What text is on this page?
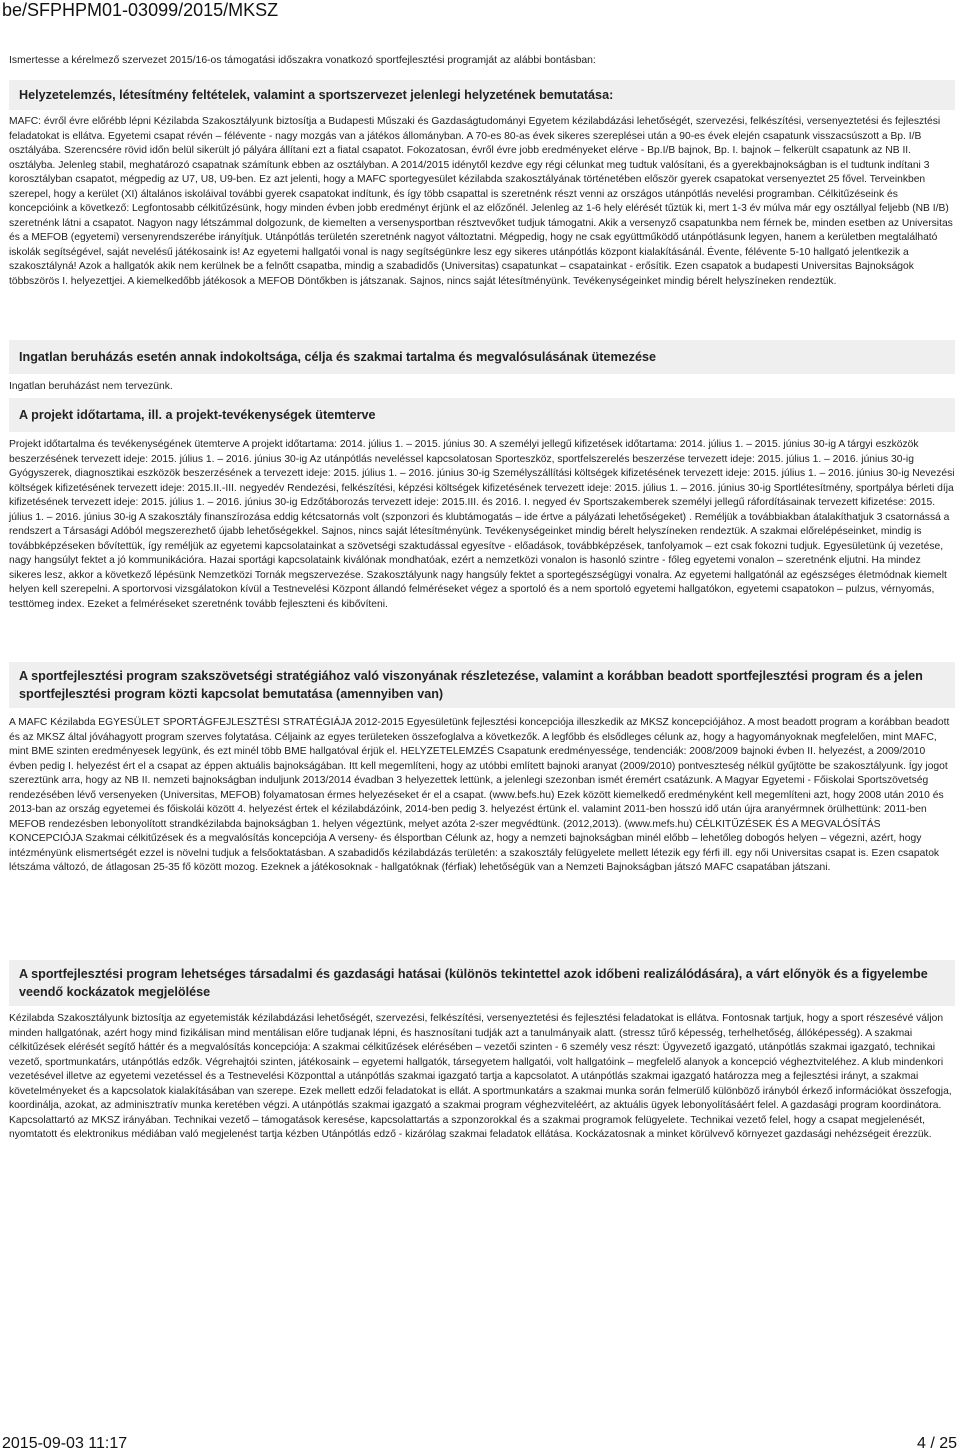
be/SFPHPM01-03099/2015/MKSZ
Ismertesse a kérelmező szervezet 2015/16-os támogatási időszakra vonatkozó sportfejlesztési programját az alábbi bontásban:
Helyzetelemzés, létesítmény feltételek, valamint a sportszervezet jelenlegi helyzetének bemutatása:
MAFC: évről évre előrébb lépni Kézilabda Szakosztályunk biztosítja a Budapesti Műszaki és Gazdaságtudományi Egyetem kézilabdázási lehetőségét, szervezési, felkészítési, versenyeztetési és fejlesztési feladatokat is ellátva. Egyetemi csapat révén – félévente - nagy mozgás van a játékos állományban. A 70-es 80-as évek sikeres szereplései után a 90-es évek elején csapatunk visszacsúszott a Bp. I/B osztályába. Szerencsére rövid időn belül sikerült jó pályára állítani ezt a fiatal csapatot. Fokozatosan, évről évre jobb eredményeket elérve - Bp.I/B bajnok, Bp. I. bajnok – felkerült csapatunk az NB II. osztályba. Jelenleg stabil, meghatározó csapatnak számítunk ebben az osztályban. A 2014/2015 idénytől kezdve egy régi célunkat meg tudtuk valósítani, és a gyerekbajnokságban is el tudtunk indítani 3 korosztályban csapatot, mégpedig az U7, U8, U9-ben. Ez azt jelenti, hogy a MAFC sportegyesület kézilabda szakosztályának történetében először gyerek csapatokat versenyeztet 25 fővel. Terveinkben szerepel, hogy a kerület (XI) általános iskoláival további gyerek csapatokat indítunk, és így több csapattal is szeretnénk részt venni az országos utánpótlás nevelési programban. Célkitűzéseink és koncepcióink a következő: Legfontosabb célkitűzésünk, hogy minden évben jobb eredményt érjünk el az előzőnél. Jelenleg az 1-6 hely elérését tűztük ki, mert 1-3 év múlva már egy osztállyal feljebb (NB I/B) szeretnénk látni a csapatot. Nagyon nagy létszámmal dolgozunk, de kiemelten a versenysportban résztvevőket tudjuk támogatni. Akik a versenyző csapatunkba nem férnek be, minden esetben az Universitas és a MEFOB (egyetemi) versenyrendszerébe irányítjuk. Utánpótlás területén szeretnénk nagyot változtatni. Mégpedig, hogy ne csak együttműködő utánpótlásunk legyen, hanem a kerületben megtalálható iskolák segítségével, saját nevelésű játékosaink is! Az egyetemi hallgatói vonal is nagy segítségünkre lesz egy sikeres utánpótlás központ kialakításánál. Évente, félévente 5-10 hallgató jelentkezik a szakosztályná! Azok a hallgatók akik nem kerülnek be a felnőtt csapatba, mindig a szabadidős (Universitas) csapatunkat – csapatainkat - erősítik. Ezen csapatok a budapesti Universitas Bajnokságok többszörös I. helyezettjei. A kiemelkedőbb játékosok a MEFOB Döntőkben is játszanak. Sajnos, nincs saját létesítményünk. Tevékenységeinket mindig bérelt helyszíneken rendeztük.
Ingatlan beruházás esetén annak indokoltsága, célja és szakmai tartalma és megvalósulásának ütemezése
Ingatlan beruházást nem tervezünk.
A projekt időtartama, ill. a projekt-tevékenységek ütemterve
Projekt időtartalma és tevékenységének ütemterve A projekt időtartama: 2014. július 1. – 2015. június 30. A személyi jellegű kifizetések időtartama: 2014. július 1. – 2015. június 30-ig A tárgyi eszközök beszerzésének tervezett ideje: 2015. július 1. – 2016. június 30-ig Az utánpótlás neveléssel kapcsolatosan Sporteszköz, sportfelszerelés beszerzése tervezett ideje: 2015. július 1. – 2016. június 30-ig Gyógyszerek, diagnosztikai eszközök beszerzésének a tervezett ideje: 2015. július 1. – 2016. június 30-ig Személyszállítási költségek kifizetésének tervezett ideje: 2015. július 1. – 2016. június 30-ig Nevezési költségek kifizetésének tervezett ideje: 2015.II.-III. negyedév Rendezési, felkészítési, képzési költségek kifizetésének tervezett ideje: 2015. július 1. – 2016. június 30-ig Sportlétesítmény, sportpálya bérleti díja kifizetésének tervezett ideje: 2015. július 1. – 2016. június 30-ig Edzőtáborozás tervezett ideje: 2015.III. és 2016. I. negyed év Sportszakemberek személyi jellegű ráfordításainak tervezett kifizetése: 2015. július 1. – 2016. június 30-ig A szakosztály finanszírozása eddig kétcsatornás volt (szponzori és klubtámogatás – ide értve a pályázati lehetőségeket) . Reméljük a továbbiakban átalakíthatjuk 3 csatornássá a rendszert a Társasági Adóból megszerezhető újabb lehetőségekkel. Sajnos, nincs saját létesítményünk. Tevékenységeinket mindig bérelt helyszíneken rendeztük. A szakmai előrelépéseinket, mindig is továbbképzéseken bővítettük, így reméljük az egyetemi kapcsolatainkat a szövetségi szaktudással egyesítve - előadások, továbbképzések, tanfolyamok – ezt csak fokozni tudjuk. Egyesületünk új vezetése, nagy hangsúlyt fektet a jó kommunikációra. Hazai sportági kapcsolataink kiválónak mondhatóak, ezért a nemzetközi vonalon is hasonló szintre - főleg egyetemi vonalon – szeretnénk eljutni. Ha mindez sikeres lesz, akkor a következő lépésünk Nemzetközi Tornák megszervezése. Szakosztályunk nagy hangsúly fektet a sportegészségügyi vonalra. Az egyetemi hallgatónál az egészséges életmódnak kiemelt helyen kell szerepelni. A sportorvosi vizsgálatokon kívül a Testnevelési Központ állandó felméréseket végez a sportoló és a nem sportoló egyetemi hallgatókon, egyetemi csapatokon – pulzus, vérnyomás, testtömeg index. Ezeket a felméréseket szeretnénk tovább fejleszteni és kibővíteni.
A sportfejlesztési program szakszövetségi stratégiához való viszonyának részletezése, valamint a korábban beadott sportfejlesztési program és a jelen sportfejlesztési program közti kapcsolat bemutatása (amennyiben van)
A MAFC Kézilabda EGYESÜLET SPORTÁGFEJLESZTÉSI STRATÉGIÁJA 2012-2015 Egyesületünk fejlesztési koncepciója illeszkedik az MKSZ koncepciójához. A most beadott program a korábban beadott és az MKSZ által jóváhagyott program szerves folytatása. Céljaink az egyes területeken összefoglalva a következők. A legfőbb és elsődleges célunk az, hogy a hagyományoknak megfelelően, mint MAFC, mint BME szinten eredményesek legyünk, és ezt minél több BME hallgatóval érjük el. HELYZETELEMZÉS Csapatunk eredményessége, tendenciák: 2008/2009 bajnoki évben II. helyezést, a 2009/2010 évben pedig I. helyezést ért el a csapat az éppen aktuális bajnokságában. Itt kell megemlíteni, hogy az utóbbi említett bajnoki aranyat (2009/2010) pontveszteség nélkül gyűjtötte be szakosztályunk. Így jogot szereztünk arra, hogy az NB II. nemzeti bajnokságban induljunk 2013/2014 évadban 3 helyezettek lettünk, a jelenlegi szezonban ismét éremért csatázunk. A Magyar Egyetemi - Főiskolai Sportszövetség rendezésében lévő versenyeken (Universitas, MEFOB) folyamatosan érmes helyezéseket ér el a csapat. (www.befs.hu) Ezek között kiemelkedő eredményként kell megemlíteni azt, hogy 2008 után 2010 és 2013-ban az ország egyetemei és főiskolái között 4. helyezést értek el kézilabdázóink, 2014-ben pedig 3. helyezést értünk el. valamint 2011-ben hosszú idő után újra aranyérmnek örülhettünk: 2011-ben MEFOB rendezésben lebonyolított strandkézilabda bajnokságban 1. helyen végeztünk, melyet azóta 2-szer megvédtünk. (2012,2013). (www.mefs.hu) CÉLKITŰZÉSEK ÉS A MEGVALÓSÍTÁS KONCEPCIÓJA Szakmai célkitűzések és a megvalósítás koncepciója A verseny- és élsportban Célunk az, hogy a nemzeti bajnokságban minél előbb – lehetőleg dobogós helyen – végezni, azért, hogy intézményünk elismertségét ezzel is növelni tudjuk a felsőoktatásban. A szabadidős kézilabdázás területén: a szakosztály felügyelete mellett létezik egy férfi ill. egy női Universitas csapat is. Ezen csapatok létszáma változó, de átlagosan 25-35 fő között mozog. Ezeknek a játékosoknak - hallgatóknak (férfiak) lehetőségük van a Nemzeti Bajnokságban játszó MAFC csapatában játszani.
A sportfejlesztési program lehetséges társadalmi és gazdasági hatásai (különös tekintettel azok időbeni realizálódására), a várt előnyök és a figyelembe veendő kockázatok megjelölése
Kézilabda Szakosztályunk biztosítja az egyetemisták kézilabdázási lehetőségét, szervezési, felkészítési, versenyeztetési és fejlesztési feladatokat is ellátva. Fontosnak tartjuk, hogy a sport részesévé váljon minden hallgatónak, azért hogy mind fizikálisan mind mentálisan előre tudjanak lépni, és hasznosítani tudják azt a tanulmányaik alatt. (stressz tűrő képesség, terhelhetőség, állóképesség). A szakmai célkitűzések elérését segítő háttér és a megvalósítás koncepciója: A szakmai célkitűzések elérésében – vezetői szinten - 6 személy vesz részt: Ügyvezető igazgató, utánpótlás szakmai igazgató, technikai vezető, sportmunkatárs, utánpótlás edzők. Végrehajtói szinten, játékosaink – egyetemi hallgatók, társegyetem hallgatói, volt hallgatóink – megfelelő alanyok a koncepció végheztviteléhez. A klub mindenkori vezetésével illetve az egyetemi vezetéssel és a Testnevelési Központtal a utánpótlás szakmai igazgató tartja a kapcsolatot. A utánpótlás szakmai igazgató határozza meg a fejlesztési irányt, a szakmai követelményeket és a kapcsolatok kialakításában van szerepe. Ezek mellett edzői feladatokat is ellát. A sportmunkatárs a szakmai munka során felmerülő különböző irányból érkező információkat összefogja, koordinálja, azokat, az adminisztratív munka keretében végzi. A utánpótlás szakmai igazgató a szakmai program véghezviteléért, az aktuális ügyek lebonyolításáért felel. A gazdasági program koordinátora. Kapcsolattartó az MKSZ irányában. Technikai vezető – támogatások keresése, kapcsolattartás a szponzorokkal és a szakmai programok felügyelete. Technikai vezető felel, hogy a csapat megjelenését, nyomtatott és elektronikus médiában való megjelenést tartja kézben Utánpótlás edző - kizárólag szakmai feladatok ellátása. Kockázatosnak a minket körülvevő környezet gazdasági nehézségeit érezzük.
2015-09-03 11:17	4 / 25
